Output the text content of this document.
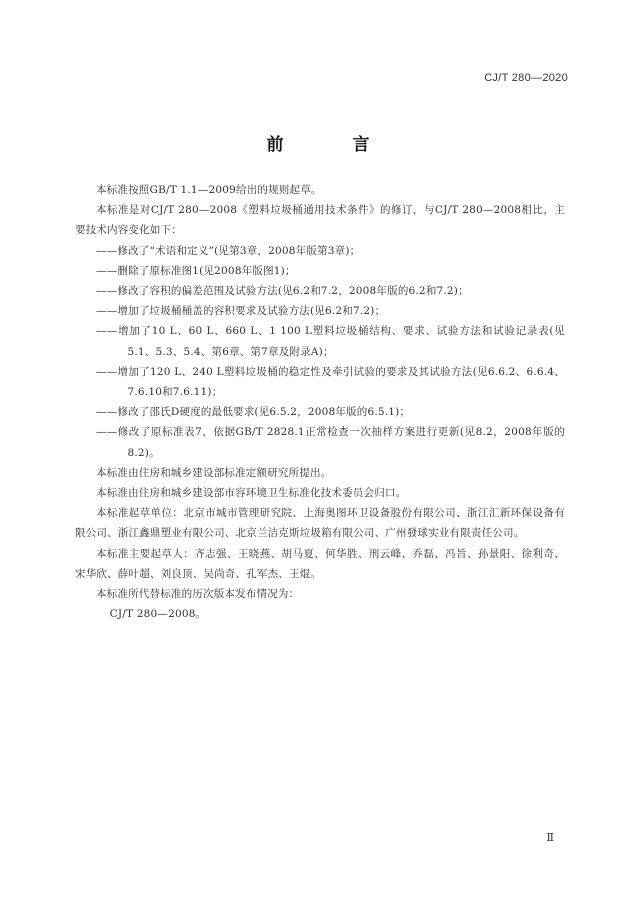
CJ/T 280—2020
前　言

本标准按照GB/T 1.1—2009给出的规则起草。

本标准是对CJ/T 280—2008《塑料垃圾桶通用技术条件》的修订，与CJ/T 280—2008相比，主要技术内容变化如下：

——修改了“术语和定义”(见第3章，2008年版第3章)；

——删除了原标准图1(见2008年版图1)；

——修改了容积的偏差范围及试验方法(见6.2和7.2，2008年版的6.2和7.2)；

——增加了垃圾桶桶盖的容积要求及试验方法(见6.2和7.2)；

——增加了10 L、60 L、660 L、1 100 L塑料垃圾桶结构、要求、试验方法和试验记录表(见5.1、5.3、5.4、第6章、第7章及附录A)；

——增加了120 L、240 L塑料垃圾桶的稳定性及牵引试验的要求及其试验方法(见6.6.2、6.6.4、7.6.10和7.6.11)；

——修改了邵氏D硬度的最低要求(见6.5.2，2008年版的6.5.1)；

——修改了原标准表7，依据GB/T 2828.1正常检查一次抽样方案进行更新(见8.2，2008年版的8.2)。

本标准由住房和城乡建设部标准定额研究所提出。

本标准由住房和城乡建设部市容环境卫生标准化技术委员会归口。

本标准起草单位：北京市城市管理研究院、上海奥图环卫设备股份有限公司、浙江汇新环保设备有限公司、浙江鑫鼎塑业有限公司、北京兰洁克斯垃圾箱有限公司、广州發球实业有限责任公司。

本标准主要起草人：齐志强、王晓燕、胡马夏、何华胜、刑云峰、乔磊、冯旨、孙景阳、徐利奇、宋华欣、薛叶超、刘良顶、吴尚奇、孔军杰、王焜。

本标准所代替标准的历次版本发布情况为：

CJ/T 280—2008。

Ⅱ
